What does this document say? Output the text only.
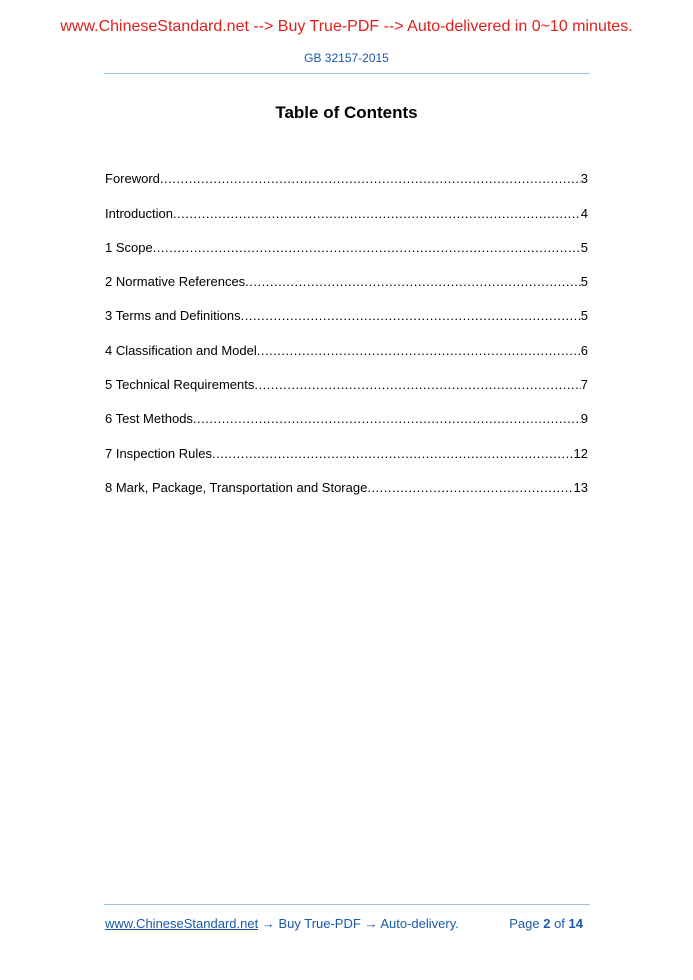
www.ChineseStandard.net --> Buy True-PDF --> Auto-delivered in 0~10 minutes.
GB 32157-2015
Table of Contents
Foreword .....	3
Introduction .....	4
1 Scope .....	5
2 Normative References .....	5
3 Terms and Definitions .....	5
4 Classification and Model .....	6
5 Technical Requirements .....	7
6 Test Methods .....	9
7 Inspection Rules .....	12
8 Mark, Package, Transportation and Storage .....	13
www.ChineseStandard.net → Buy True-PDF → Auto-delivery.	Page 2 of 14
